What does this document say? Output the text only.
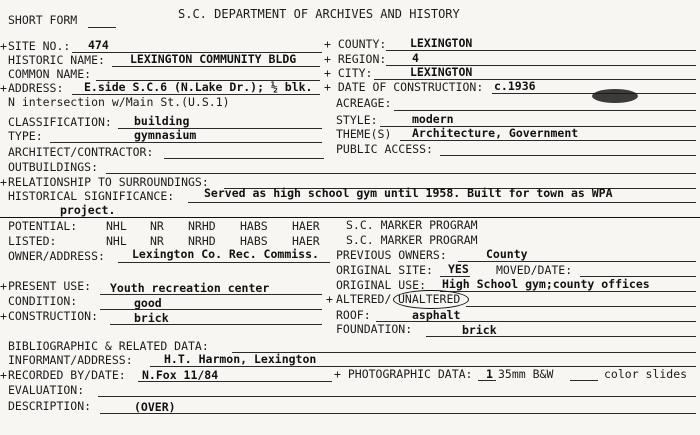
SHORT FORM	S.C. DEPARTMENT OF ARCHIVES AND HISTORY
+ SITE NO.: 474	+ COUNTY: LEXINGTON
HISTORIC NAME: LEXINGTON COMMUNITY BLDG + REGION: 4
COMMON NAME:	+ CITY:	LEXINGTON
+ ADDRESS: E.side S.C.6 (N.Lake Dr.); ½ blk.
N intersection w/Main St.(U.S.1)
+ DATE OF CONSTRUCTION: c.1936
ACREAGE:
CLASSIFICATION: building	STYLE:	modern
TYPE:	gymnasium	THEME(S) Architecture, Government
ARCHITECT/CONTRACTOR:	PUBLIC ACCESS:
OUTBUILDINGS:
+ RELATIONSHIP TO SURROUNDINGS:
HISTORICAL SIGNIFICANCE:	Served as high school gym until 1958. Built for town as WPA
project.
POTENTIAL:	NHL NR NRHD HABS HAER S.C. MARKER PROGRAM
LISTED:	NHL NR NRHD HABS HAER S.C. MARKER PROGRAM
OWNER/ADDRESS: Lexington Co. Rec. Commiss. PREVIOUS OWNERS:	County
ORIGINAL SITE: YES MOVED/DATE:
+ PRESENT USE: Youth recreation center	ORIGINAL USE: High School gym;county offices
CONDITION:	good	+ ALTERED/ UNALTERED
+ CONSTRUCTION:	brick	ROOF:	asphalt
FOUNDATION:	brick
BIBLIOGRAPHIC & RELATED DATA:
INFORMANT/ADDRESS:	H.T. Harmon, Lexington
+ RECORDED BY/DATE: N.Fox 11/84	+ PHOTOGRAPHIC DATA: 1 35mm B&W	color slides
EVALUATION:
DESCRIPTION:	(OVER)
